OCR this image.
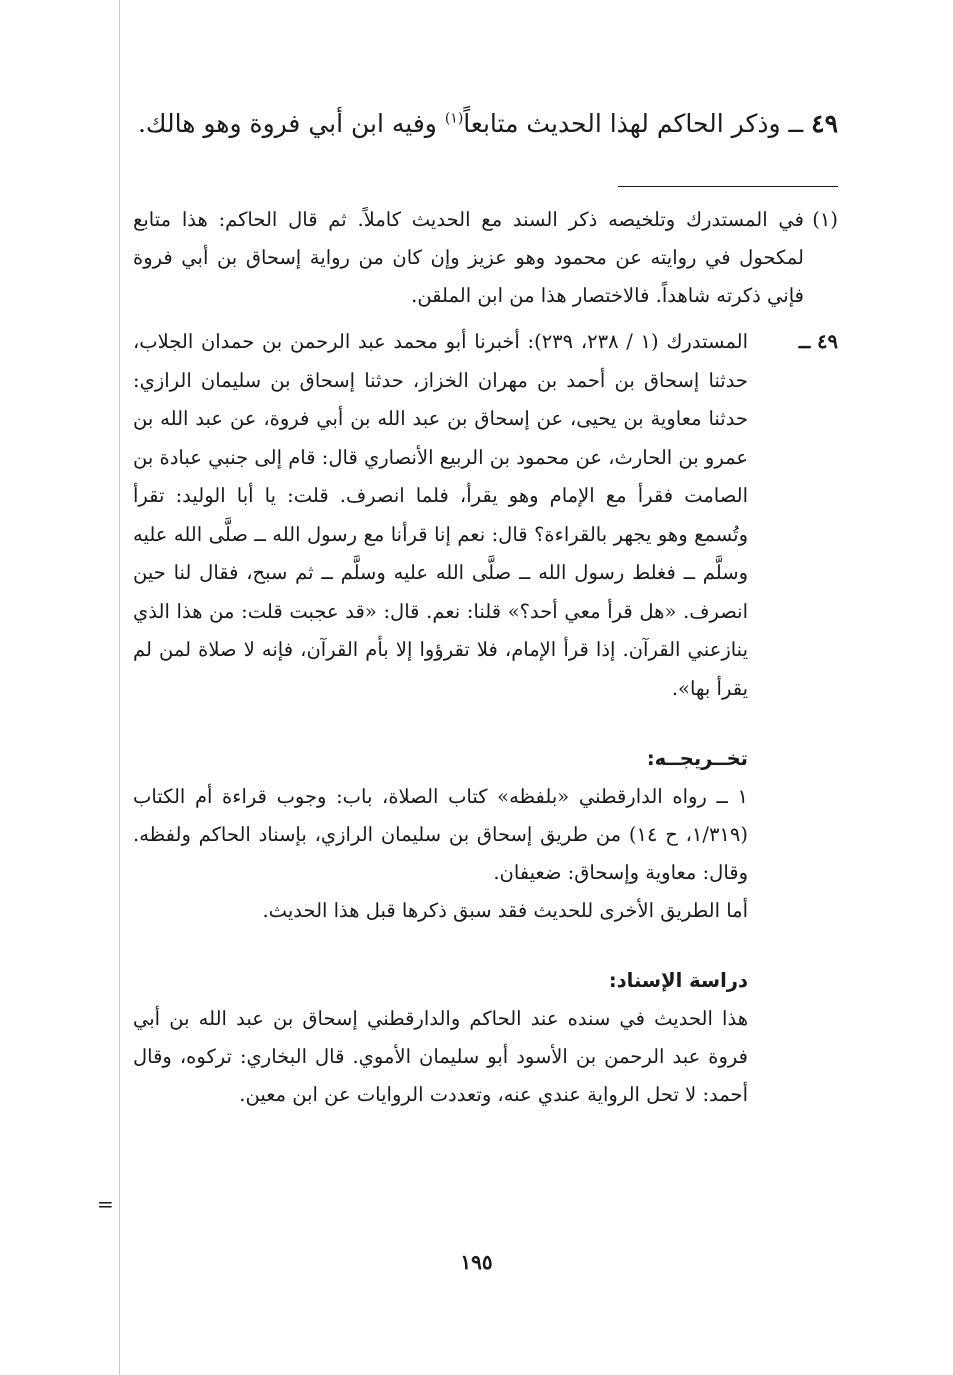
٤٩ ــ وذكر الحاكم لهذا الحديث متابعاً$^{(١)}$ وفيه ابن أبي فروة وهو هالك.

(١)
في المستدرك وتلخيصه ذكر السند مع الحديث كاملاً. ثم قال الحاكم: هذا متابع لمكحول في روايته عن محمود وهو عزيز وإن كان من رواية إسحاق بن أبي فروة فإني ذكرته شاهداً. فالاختصار هذا من ابن الملقن.

٤٩ ــ
المستدرك (١ / ٢٣٨، ٢٣٩): أخبرنا أبو محمد عبد الرحمن بن حمدان الجلاب، حدثنا إسحاق بن أحمد بن مهران الخزاز، حدثنا إسحاق بن سليمان الرازي: حدثنا معاوية بن يحيى، عن إسحاق بن عبد الله بن أبي فروة، عن عبد الله بن عمرو بن الحارث، عن محمود بن الربيع الأنصاري قال: قام إلى جنبي عبادة بن الصامت فقرأ مع الإمام وهو يقرأ، فلما انصرف. قلت: يا أبا الوليد: تقرأ وتُسمع وهو يجهر بالقراءة؟ قال: نعم إنا قرأنا مع رسول الله ــ صلَّى الله عليه وسلَّم ــ فغلط رسول الله ــ صلَّى الله عليه وسلَّم ــ ثم سبح، فقال لنا حين انصرف. «هل قرأ معي أحد؟» قلنا: نعم. قال: «قد عجبت قلت: من هذا الذي ينازعني القرآن. إذا قرأ الإمام، فلا تقرؤوا إلا بأم القرآن، فإنه لا صلاة لمن لم يقرأ بها».

تخــريجــه:

١ ــ رواه الدارقطني «بلفظه» كتاب الصلاة، باب: وجوب قراءة أم الكتاب (١/٣١٩، ح ١٤) من طريق إسحاق بن سليمان الرازي، بإسناد الحاكم ولفظه. وقال: معاوية وإسحاق: ضعيفان.

أما الطريق الأخرى للحديث فقد سبق ذكرها قبل هذا الحديث.

دراسة الإسناد:

هذا الحديث في سنده عند الحاكم والدارقطني إسحاق بن عبد الله بن أبي فروة عبد الرحمن بن الأسود أبو سليمان الأموي. قال البخاري: تركوه، وقال أحمد: لا تحل الرواية عندي عنه، وتعددت الروايات عن ابن معين.

=
١٩٥
